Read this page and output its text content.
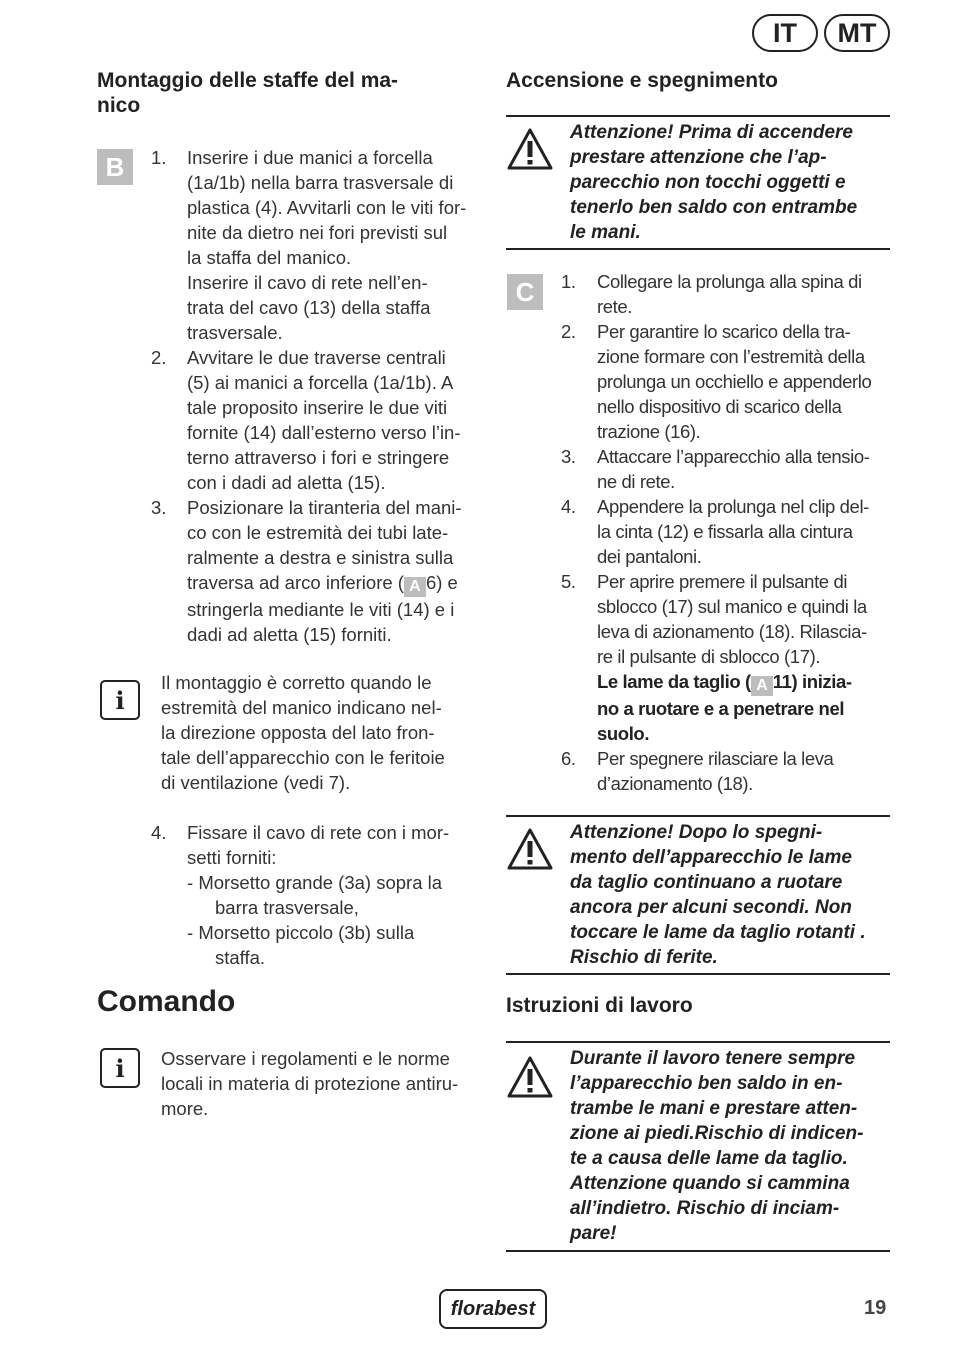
IT	MT
Montaggio delle staffe del ma-
nico
B	1. Inserire i due manici a forcella
(1a/1b) nella barra trasversale di
plastica (4). Avvitarli con le viti for-
nite da dietro nei fori previsti sul
la staffa del manico.
Inserire il cavo di rete nell’en-
trata del cavo (13) della staffa
trasversale.
2. Avvitare le due traverse centrali
(5) ai manici a forcella (1a/1b). A
tale proposito inserire le due viti
fornite (14) dall’esterno verso l’in-
terno attraverso i fori e stringere
con i dadi ad aletta (15).
3. Posizionare la tiranteria del mani-
co con le estremità dei tubi late-
ralmente a destra e sinistra sulla
traversa ad arco inferiore ( A 6) e
stringerla mediante le viti (14) e i
dadi ad aletta (15) forniti.
i
Il montaggio è corretto quando le
estremità del manico indicano nel-
la direzione opposta del lato fron-
tale dell’apparecchio con le feritoie
di ventilazione (vedi 7).
4. Fissare il cavo di rete con i mor-
setti forniti:
- Morsetto grande (3a) sopra la
barra trasversale,
- Morsetto piccolo (3b) sulla
staffa.
Comando
i	Osservare i regolamenti e le norme
locali in materia di protezione antiru-
more.
Accensione e spegnimento
Attenzione! Prima di accendere
prestare attenzione che l’ap-
parecchio non tocchi oggetti e
tenerlo ben saldo con entrambe
le mani.
C	1. Collegare la prolunga alla spina di
rete.
2. Per garantire lo scarico della tra-
zione formare con l’estremità della
prolunga un occhiello e appenderlo
nello dispositivo di scarico della
trazione (16).
3. Attaccare l’apparecchio alla tensio-
ne di rete.
4. Appendere la prolunga nel clip del-
la cinta (12) e fissarla alla cintura
dei pantaloni.
5. Per aprire premere il pulsante di
sblocco (17) sul manico e quindi la
leva di azionamento (18). Rilascia-
re il pulsante di sblocco (17).
Le lame da taglio ( A 11) inizia-
no a ruotare e a penetrare nel
suolo.
6. Per spegnere rilasciare la leva
d’azionamento (18).
Attenzione! Dopo lo spegni-
mento dell’apparecchio le lame
da taglio continuano a ruotare
ancora per alcuni secondi. Non
toccare le lame da taglio rotanti .
Rischio di ferite.
Istruzioni di lavoro
Durante il lavoro tenere sempre
l’apparecchio ben saldo in en-
trambe le mani e prestare atten-
zione ai piedi.Rischio di indicen-
te a causa delle lame da taglio.
Attenzione quando si cammina
all’indietro. Rischio di inciam-
pare!
florabest	19
